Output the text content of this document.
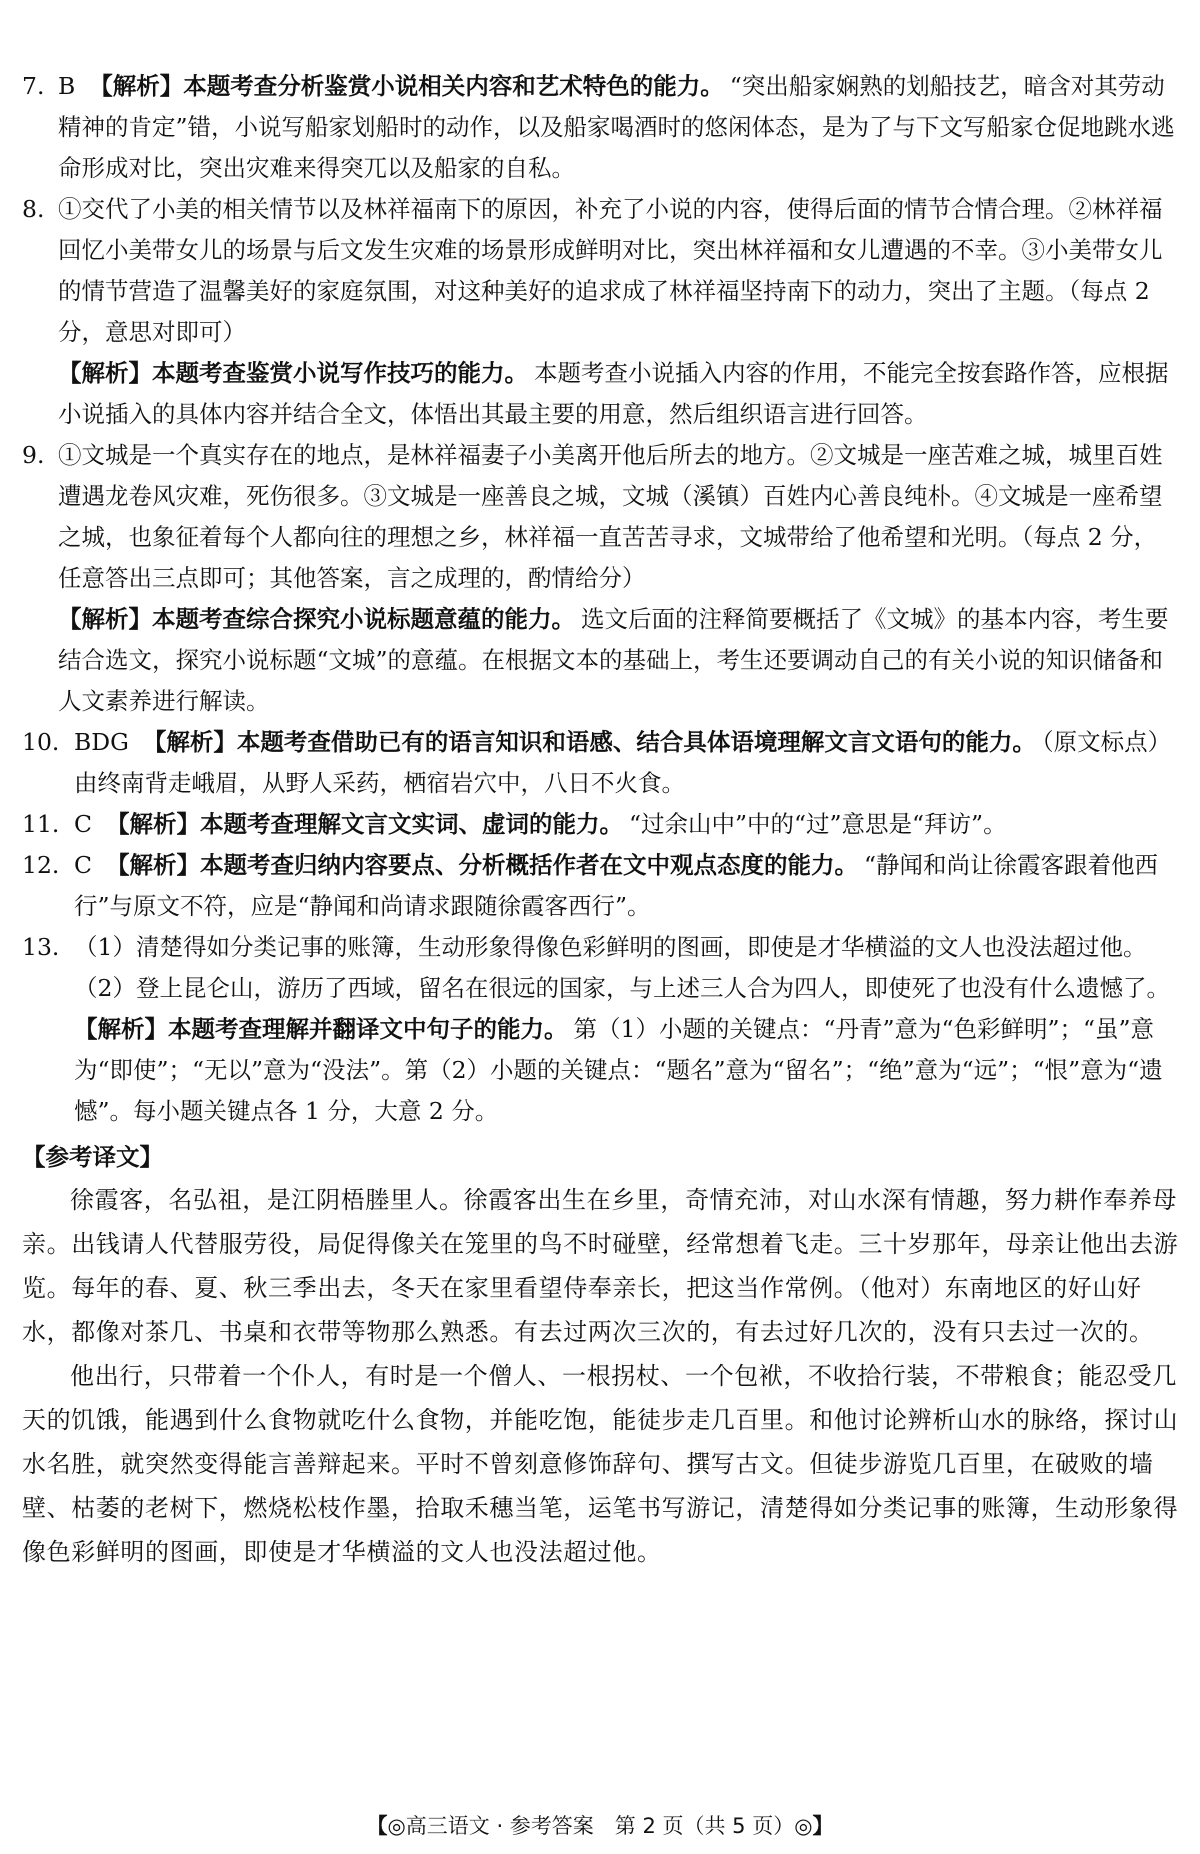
7. B 【解析】本题考查分析鉴赏小说相关内容和艺术特色的能力。 “突出船家娴熟的划船技艺，暗含对其劳动精神的肯定”错，小说写船家划船时的动作，以及船家喝酒时的悠闲体态，是为了与下文写船家仓促地跳水逃命形成对比，突出灾难来得突兀以及船家的自私。
8. ①交代了小美的相关情节以及林祥福南下的原因，补充了小说的内容，使得后面的情节合情合理。②林祥福回忆小美带女儿的场景与后文发生灾难的场景形成鲜明对比，突出林祥福和女儿遭遇的不幸。③小美带女儿的情节营造了温馨美好的家庭氛围，对这种美好的追求成了林祥福坚持南下的动力，突出了主题。（每点 2 分，意思对即可）
【解析】本题考查鉴赏小说写作技巧的能力。 本题考查小说插入内容的作用，不能完全按套路作答，应根据小说插入的具体内容并结合全文，体悟出其最主要的用意，然后组织语言进行回答。
9. ①文城是一个真实存在的地点，是林祥福妻子小美离开他后所去的地方。②文城是一座苦难之城，城里百姓遭遇龙卷风灾难，死伤很多。③文城是一座善良之城，文城（溪镇）百姓内心善良纯朴。④文城是一座希望之城，也象征着每个人都向往的理想之乡，林祥福一直苦苦寻求，文城带给了他希望和光明。（每点 2 分，任意答出三点即可；其他答案，言之成理的，酌情给分）
【解析】本题考查综合探究小说标题意蕴的能力。 选文后面的注释简要概括了《文城》的基本内容，考生要结合选文，探究小说标题“文城”的意蕴。在根据文本的基础上，考生还要调动自己的有关小说的知识储备和人文素养进行解读。
10. BDG 【解析】本题考查借助已有的语言知识和语感、结合具体语境理解文言文语句的能力。 （原文标点）由终南背走峨眉，从野人采药，栖宿岩穴中，八日不火食。
11. C 【解析】本题考查理解文言文实词、虚词的能力。 “过余山中”中的“过”意思是“拜访”。
12. C 【解析】本题考查归纳内容要点、分析概括作者在文中观点态度的能力。 “静闻和尚让徐霞客跟着他西行”与原文不符，应是“静闻和尚请求跟随徐霞客西行”。
13. （1）清楚得如分类记事的账簿，生动形象得像色彩鲜明的图画，即使是才华横溢的文人也没法超过他。
（2）登上昆仑山，游历了西域，留名在很远的国家，与上述三人合为四人，即使死了也没有什么遗憾了。
【解析】本题考查理解并翻译文中句子的能力。 第（1）小题的关键点：“丹青”意为“色彩鲜明”；“虽”意为“即使”；“无以”意为“没法”。第（2）小题的关键点：“题名”意为“留名”；“绝”意为“远”；“恨”意为“遗憾”。每小题关键点各 1 分，大意 2 分。
【参考译文】

徐霞客，名弘祖，是江阴梧塍里人。徐霞客出生在乡里，奇情充沛，对山水深有情趣，努力耕作奉养母亲。出钱请人代替服劳役，局促得像关在笼里的鸟不时碰壁，经常想着飞走。三十岁那年，母亲让他出去游览。每年的春、夏、秋三季出去，冬天在家里看望侍奉亲长，把这当作常例。（他对）东南地区的好山好水，都像对茶几、书桌和衣带等物那么熟悉。有去过两次三次的，有去过好几次的，没有只去过一次的。

他出行，只带着一个仆人，有时是一个僧人、一根拐杖、一个包袱，不收拾行装，不带粮食；能忍受几天的饥饿，能遇到什么食物就吃什么食物，并能吃饱，能徒步走几百里。和他讨论辨析山水的脉络，探讨山水名胜，就突然变得能言善辩起来。平时不曾刻意修饰辞句、撰写古文。但徒步游览几百里，在破败的墙壁、枯萎的老树下，燃烧松枝作墨，拾取禾穗当笔，运笔书写游记，清楚得如分类记事的账簿，生动形象得像色彩鲜明的图画，即使是才华横溢的文人也没法超过他。

【◎高三语文 · 参考答案　第 2 页（共 5 页）◎】
